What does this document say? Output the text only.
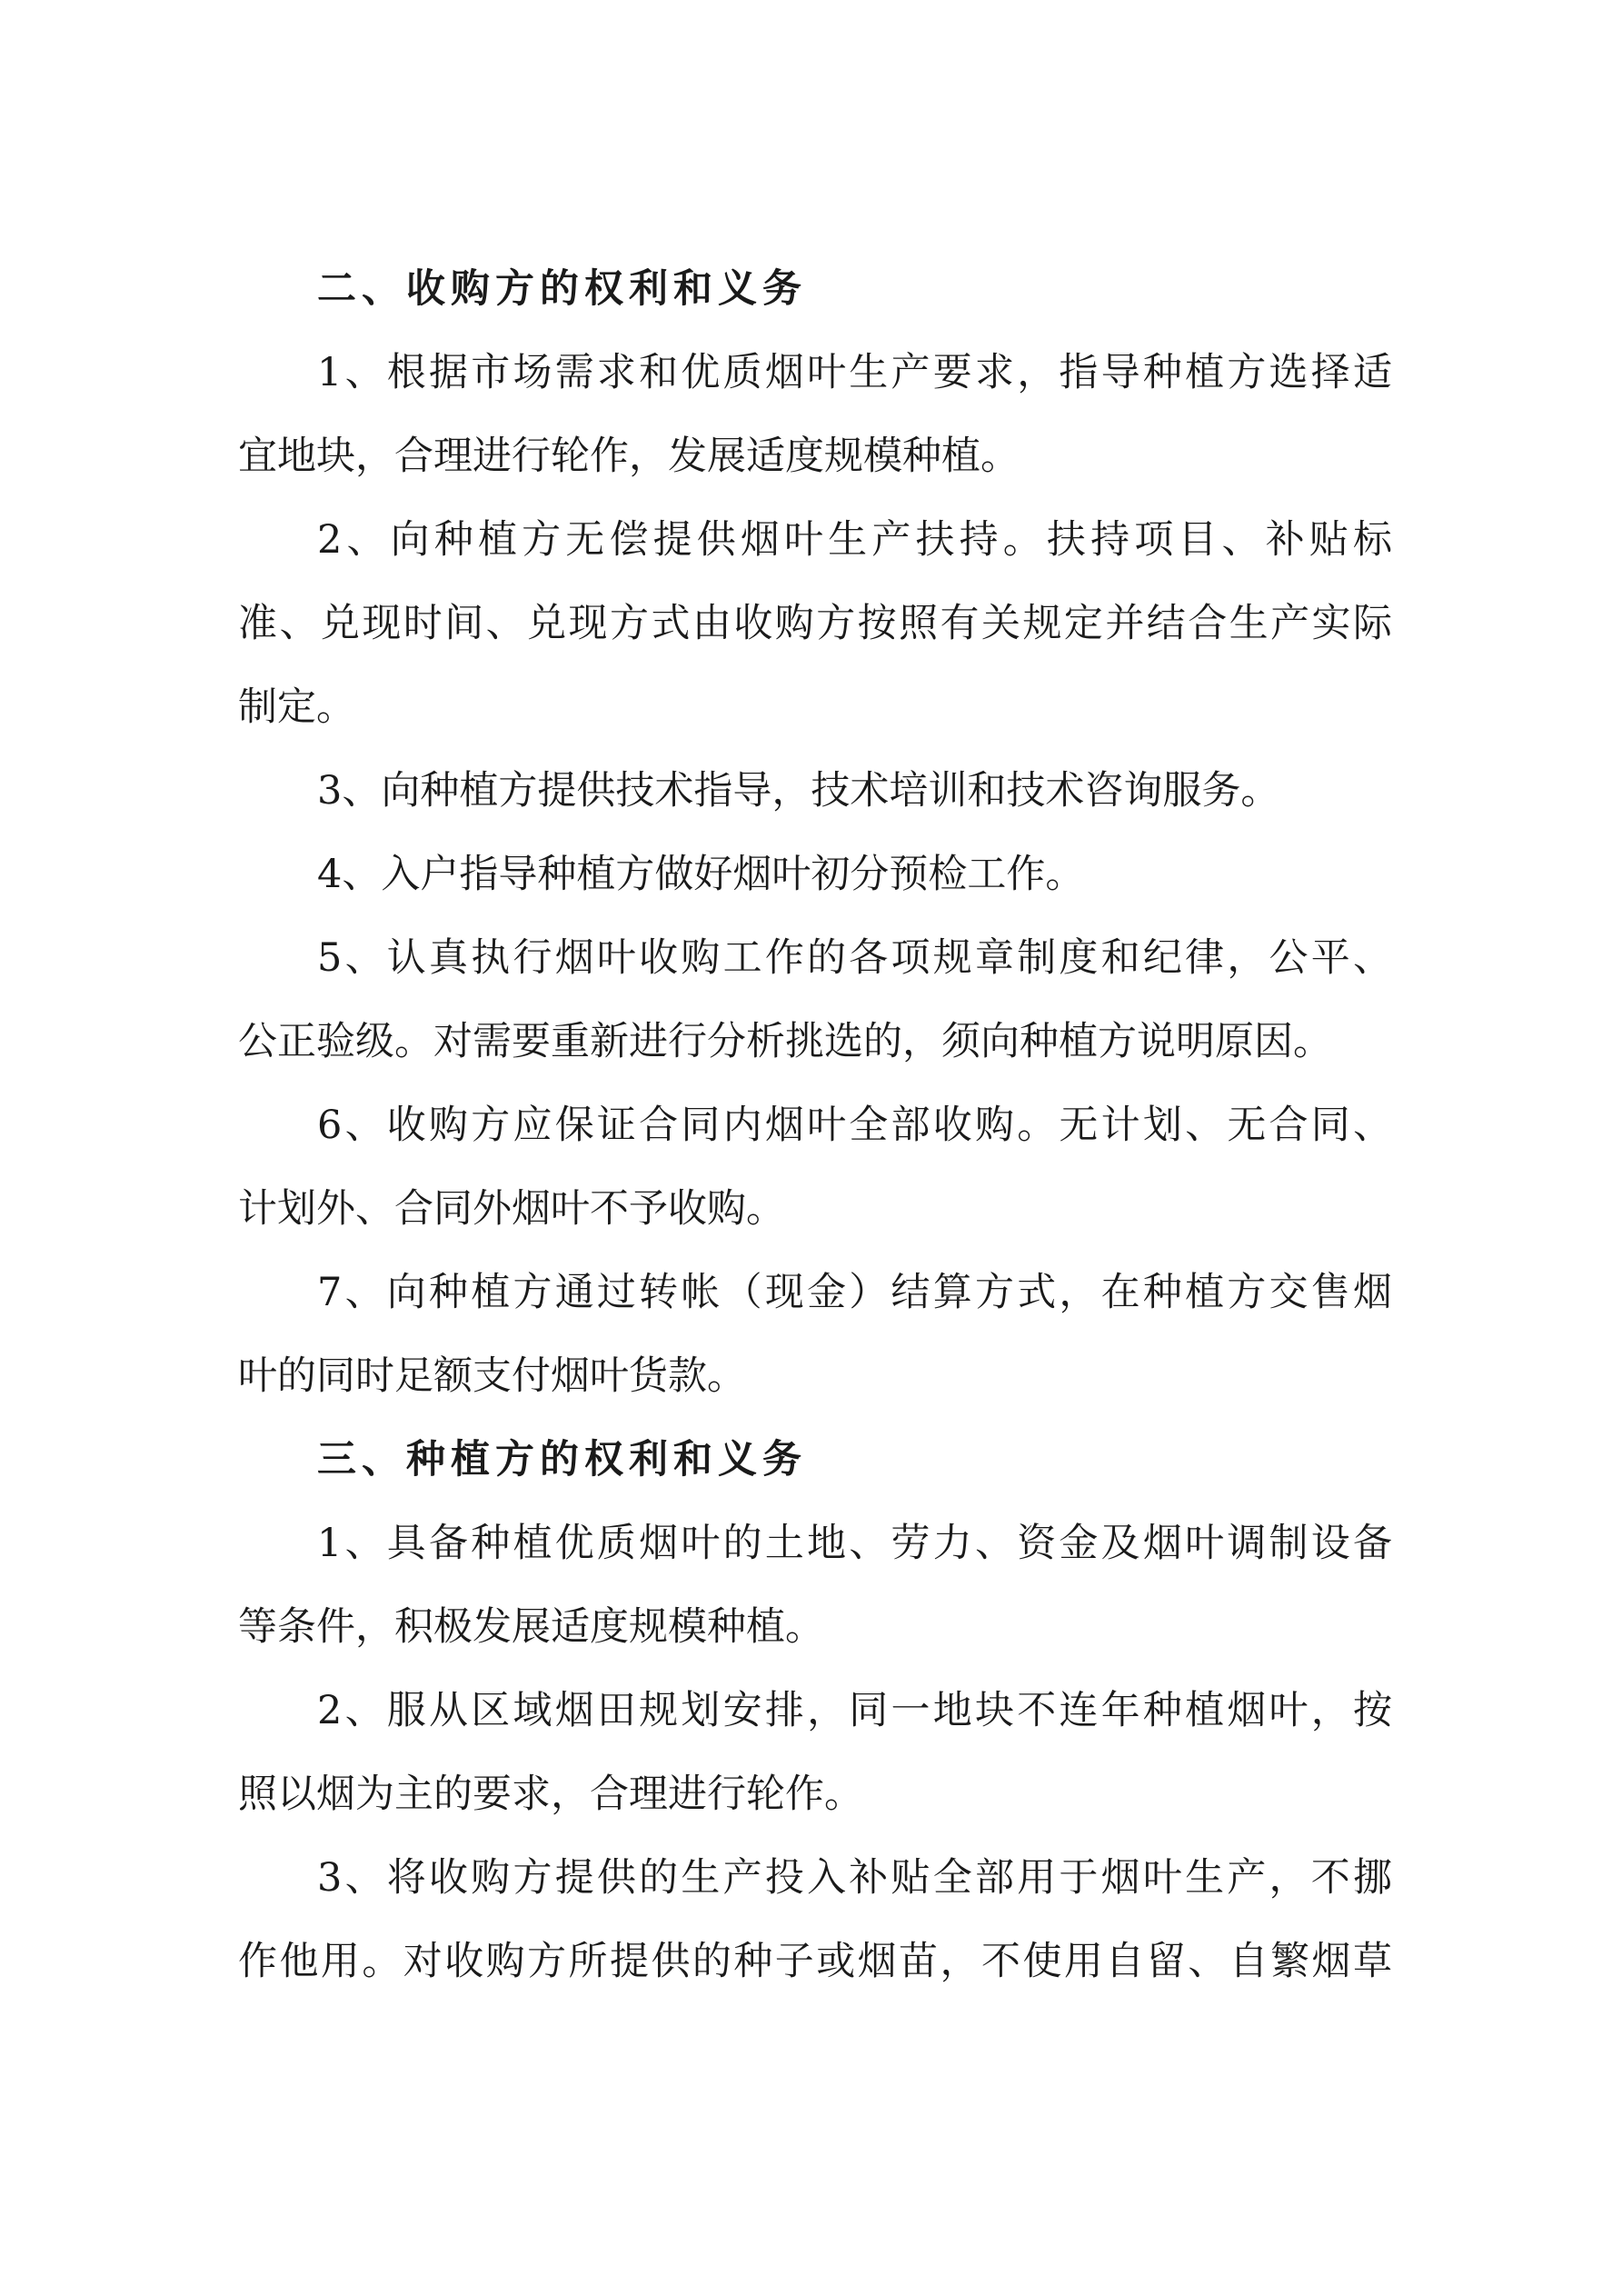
二、收购方的权利和义务
1、根据市场需求和优质烟叶生产要求，指导种植方选择适
宜地块，合理进行轮作，发展适度规模种植。
2、向种植方无偿提供烟叶生产扶持。扶持项目、补贴标
准、兑现时间、兑现方式由收购方按照有关规定并结合生产实际
制定。
3、向种植方提供技术指导，技术培训和技术咨询服务。
4、入户指导种植方做好烟叶初分预检工作。
5、认真执行烟叶收购工作的各项规章制度和纪律，公平、
公正验级。对需要重新进行分析挑选的，须向种植方说明原因。
6、收购方应保证合同内烟叶全部收购。无计划、无合同、
计划外、合同外烟叶不予收购。
7、向种植方通过转帐（现金）结算方式，在种植方交售烟
叶的同时足额支付烟叶货款。
三、种植方的权利和义务
1、具备种植优质烟叶的土地、劳力、资金及烟叶调制设备
等条件，积极发展适度规模种植。
2、服从区域烟田规划安排，同一地块不连年种植烟叶，按
照以烟为主的要求，合理进行轮作。
3、将收购方提供的生产投入补贴全部用于烟叶生产，不挪
作他用。对收购方所提供的种子或烟苗，不使用自留、自繁烟草
